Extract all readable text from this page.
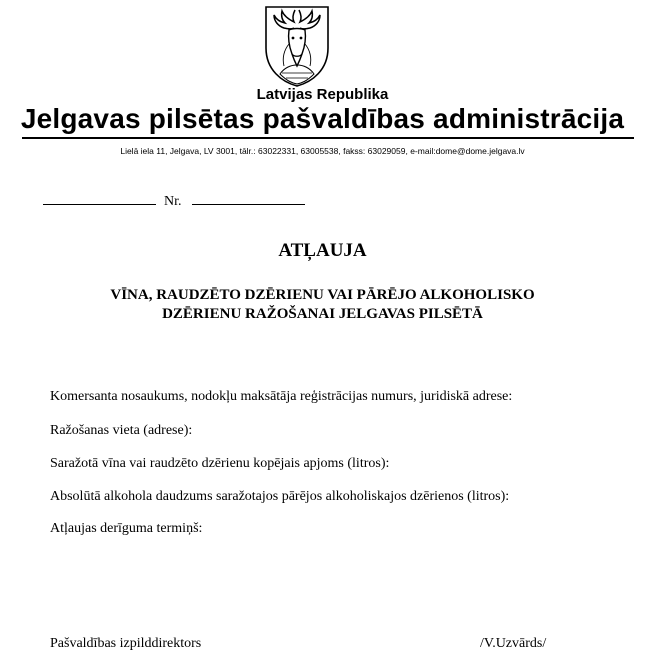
Latvijas Republika
Jelgavas pilsētas pašvaldības administrācija
Lielā iela 11, Jelgava, LV 3001, tālr.: 63022331, 63005538, fakss: 63029059, e-mail:dome@dome.jelgava.lv
Nr.
ATĻAUJA
VĪNA, RAUDZĒTO DZĒRIENU VAI PĀRĒJO ALKOHOLISKO
DZĒRIENU RAŽOŠANAI JELGAVAS PILSĒTĀ
Komersanta nosaukums, nodokļu maksātāja reģistrācijas numurs, juridiskā adrese:
Ražošanas vieta (adrese):
Saražotā vīna vai raudzēto dzērienu kopējais apjoms (litros):
Absolūtā alkohola daudzums saražotajos pārējos alkoholiskajos dzērienos (litros):
Atļaujas derīguma termiņš:
Pašvaldības izpilddirektors	/V.Uzvārds/
